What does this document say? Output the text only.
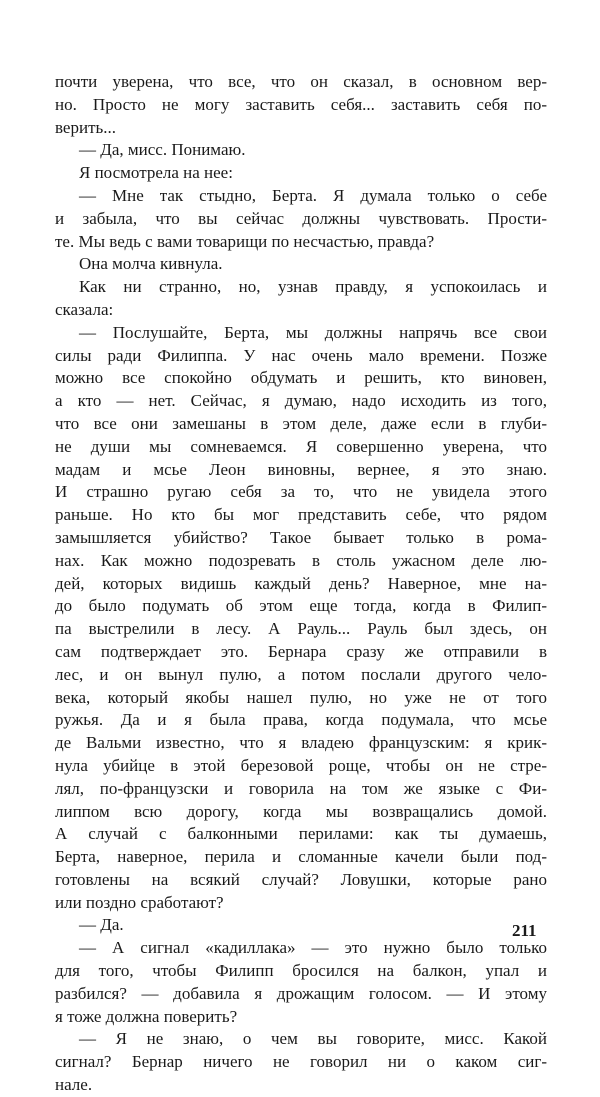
почти уверена, что все, что он сказал, в основном вер-
но. Просто не могу заставить себя... заставить себя по-
верить...
— Да, мисс. Понимаю.
Я посмотрела на нее:
— Мне так стыдно, Берта. Я думала только о себе
и забыла, что вы сейчас должны чувствовать. Прости-
те. Мы ведь с вами товарищи по несчастью, правда?
Она молча кивнула.
Как ни странно, но, узнав правду, я успокоилась и
сказала:
— Послушайте, Берта, мы должны напрячь все свои
силы ради Филиппа. У нас очень мало времени. Позже
можно все спокойно обдумать и решить, кто виновен,
а кто — нет. Сейчас, я думаю, надо исходить из того,
что все они замешаны в этом деле, даже если в глуби-
не души мы сомневаемся. Я совершенно уверена, что
мадам и мсье Леон виновны, вернее, я это знаю.
И страшно ругаю себя за то, что не увидела этого
раньше. Но кто бы мог представить себе, что рядом
замышляется убийство? Такое бывает только в рома-
нах. Как можно подозревать в столь ужасном деле лю-
дей, которых видишь каждый день? Наверное, мне на-
до было подумать об этом еще тогда, когда в Филип-
па выстрелили в лесу. А Рауль... Рауль был здесь, он
сам подтверждает это. Бернара сразу же отправили в
лес, и он вынул пулю, а потом послали другого чело-
века, который якобы нашел пулю, но уже не от того
ружья. Да и я была права, когда подумала, что мсье
де Вальми известно, что я владею французским: я крик-
нула убийце в этой березовой роще, чтобы он не стре-
лял, по-французски и говорила на том же языке с Фи-
липпом всю дорогу, когда мы возвращались домой.
А случай с балконными перилами: как ты думаешь,
Берта, наверное, перила и сломанные качели были под-
готовлены на всякий случай? Ловушки, которые рано
или поздно сработают?
— Да.
— А сигнал «кадиллака» — это нужно было только
для того, чтобы Филипп бросился на балкон, упал и
разбился? — добавила я дрожащим голосом. — И этому
я тоже должна поверить?
— Я не знаю, о чем вы говорите, мисс. Какой
сигнал? Бернар ничего не говорил ни о каком сиг-
нале.
211
